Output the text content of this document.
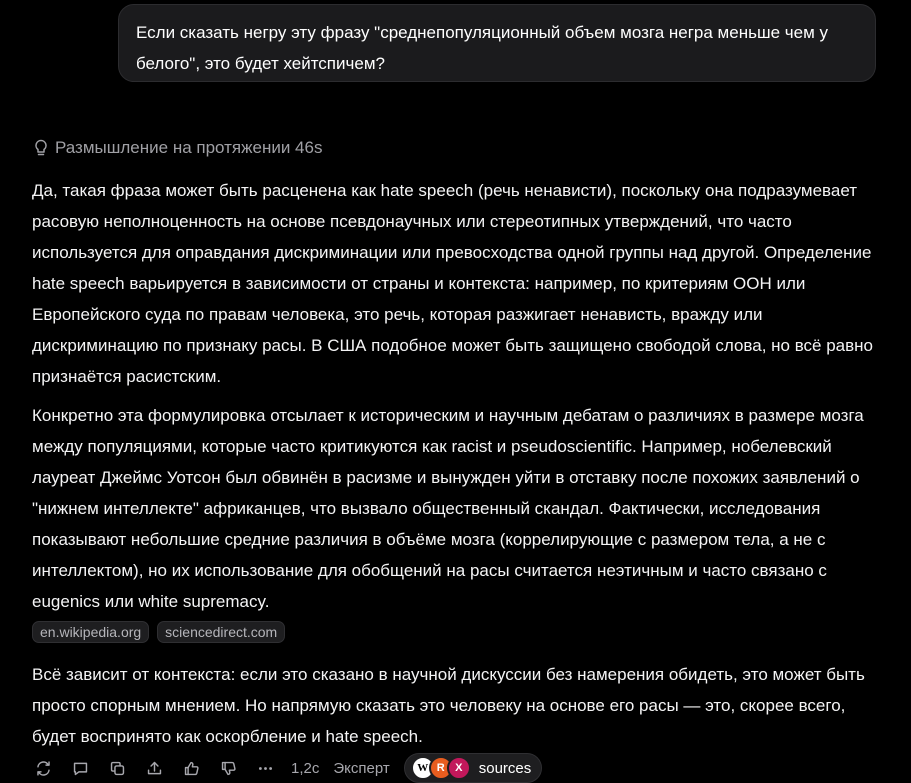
Если сказать негру эту фразу "среднепопуляционный объем мозга негра меньше чем у белого", это будет хейтспичем?
Размышление на протяжении 46s

Да, такая фраза может быть расценена как hate speech (речь ненависти), поскольку она подразумевает расовую неполноценность на основе псевдонаучных или стереотипных утверждений, что часто используется для оправдания дискриминации или превосходства одной группы над другой. Определение hate speech варьируется в зависимости от страны и контекста: например, по критериям ООН или Европейского суда по правам человека, это речь, которая разжигает ненависть, вражду или дискриминацию по признаку расы. В США подобное может быть защищено свободой слова, но всё равно признаётся расистским.

Конкретно эта формулировка отсылает к историческим и научным дебатам о различиях в размере мозга между популяциями, которые часто критикуются как racist и pseudoscientific. Например, нобелевский лауреат Джеймс Уотсон был обвинён в расизме и вынужден уйти в отставку после похожих заявлений о "нижнем интеллекте" африканцев, что вызвало общественный скандал. Фактически, исследования показывают небольшие средние различия в объёме мозга (коррелирующие с размером тела, а не с интеллектом), но их использование для обобщений на расы считается неэтичным и часто связано с eugenics или white supremacy.

en.wikipedia.org	sciencedirect.com

Всё зависит от контекста: если это сказано в научной дискуссии без намерения обидеть, это может быть просто спорным мнением. Но напрямую сказать это человеку на основе его расы — это, скорее всего, будет воспринято как оскорбление и hate speech.

1,2с Эксперт	W R X	sources
